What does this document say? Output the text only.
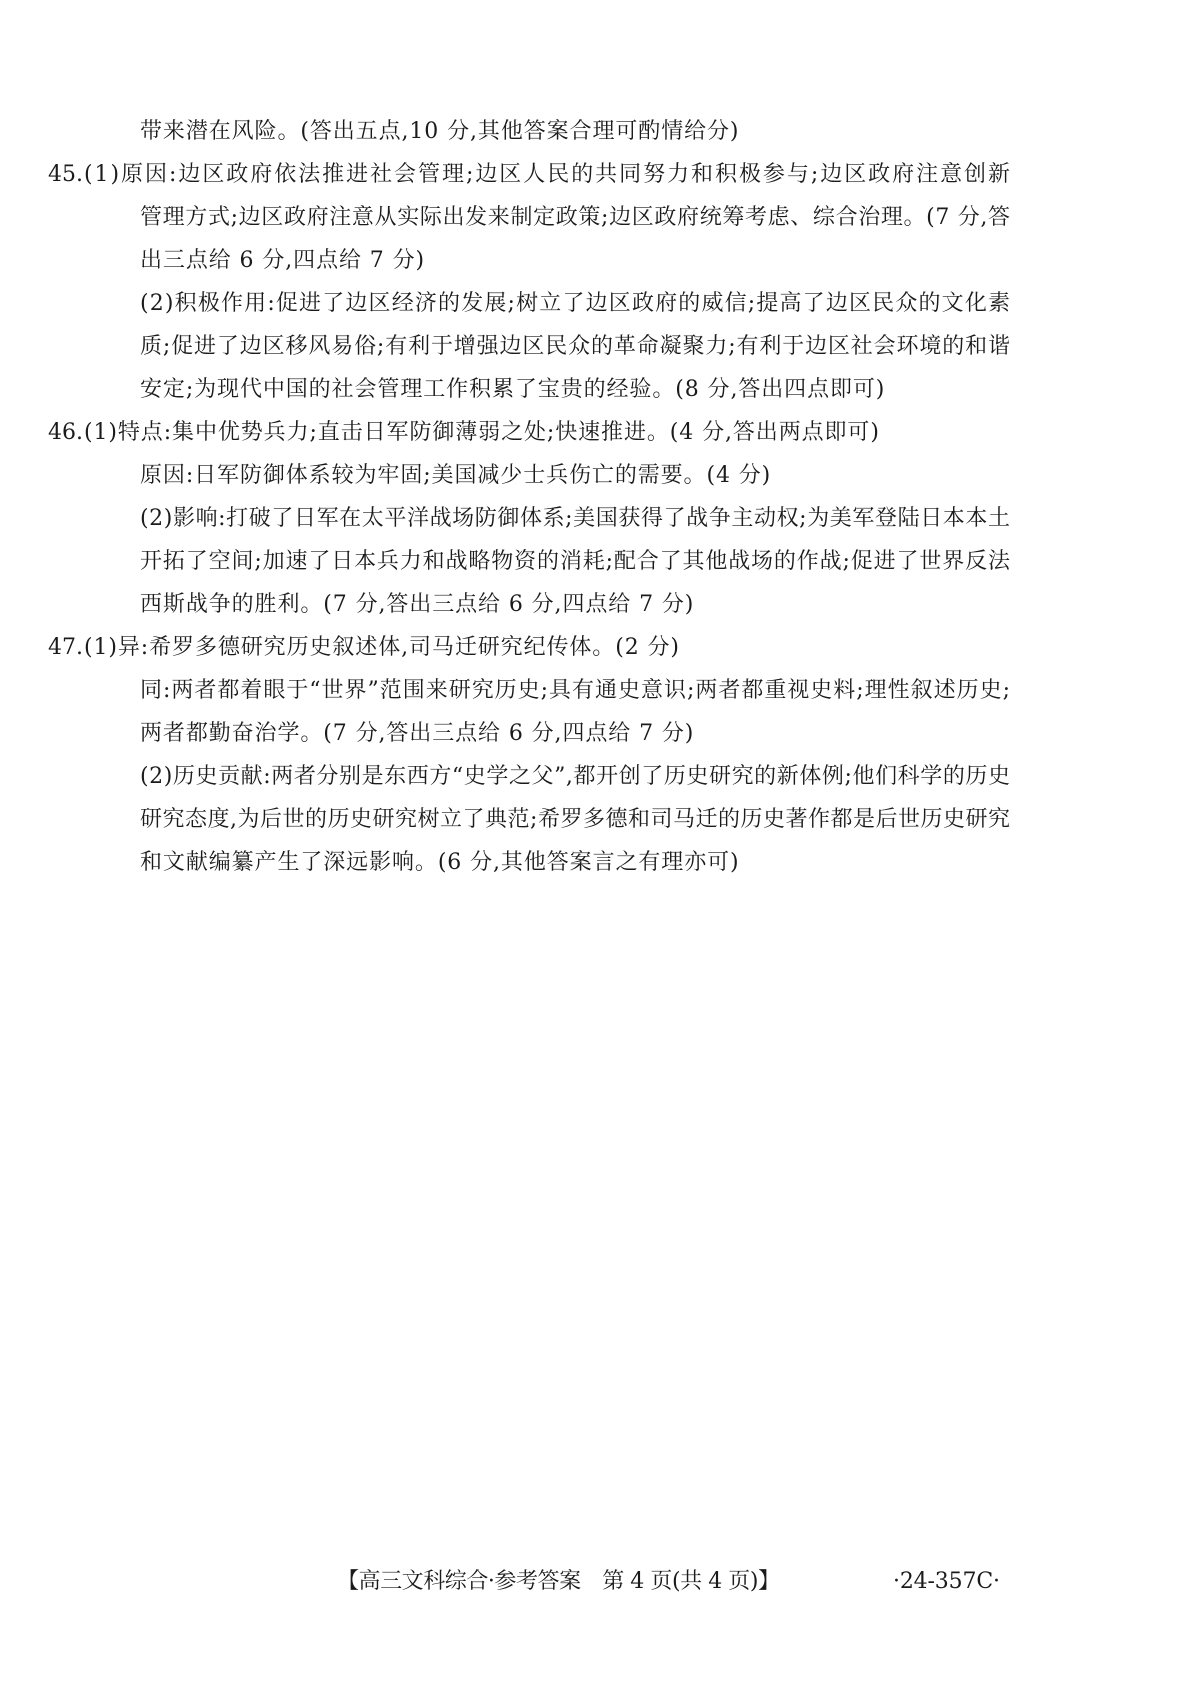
带来潜在风险。(答出五点,10 分,其他答案合理可酌情给分)
45. (1)原因:边区政府依法推进社会管理;边区人民的共同努力和积极参与;边区政府注意创新
管理方式;边区政府注意从实际出发来制定政策;边区政府统筹考虑、综合治理。(7 分,答
出三点给 6 分,四点给 7 分)
(2)积极作用:促进了边区经济的发展;树立了边区政府的威信;提高了边区民众的文化素
质;促进了边区移风易俗;有利于增强边区民众的革命凝聚力;有利于边区社会环境的和谐
安定;为现代中国的社会管理工作积累了宝贵的经验。(8 分,答出四点即可)
46. (1)特点:集中优势兵力;直击日军防御薄弱之处;快速推进。(4 分,答出两点即可)
原因:日军防御体系较为牢固;美国减少士兵伤亡的需要。(4 分)
(2)影响:打破了日军在太平洋战场防御体系;美国获得了战争主动权;为美军登陆日本本土
开拓了空间;加速了日本兵力和战略物资的消耗;配合了其他战场的作战;促进了世界反法
西斯战争的胜利。(7 分,答出三点给 6 分,四点给 7 分)
47. (1)异:希罗多德研究历史叙述体,司马迁研究纪传体。(2 分)
同:两者都着眼于“世界”范围来研究历史;具有通史意识;两者都重视史料;理性叙述历史;
两者都勤奋治学。(7 分,答出三点给 6 分,四点给 7 分)
(2)历史贡献:两者分别是东西方“史学之父”,都开创了历史研究的新体例;他们科学的历史
研究态度,为后世的历史研究树立了典范;希罗多德和司马迁的历史著作都是后世历史研究
和文献编纂产生了深远影响。(6 分,其他答案言之有理亦可)
【高三文科综合·参考答案　第 4 页(共 4 页)】	·24-357C·
